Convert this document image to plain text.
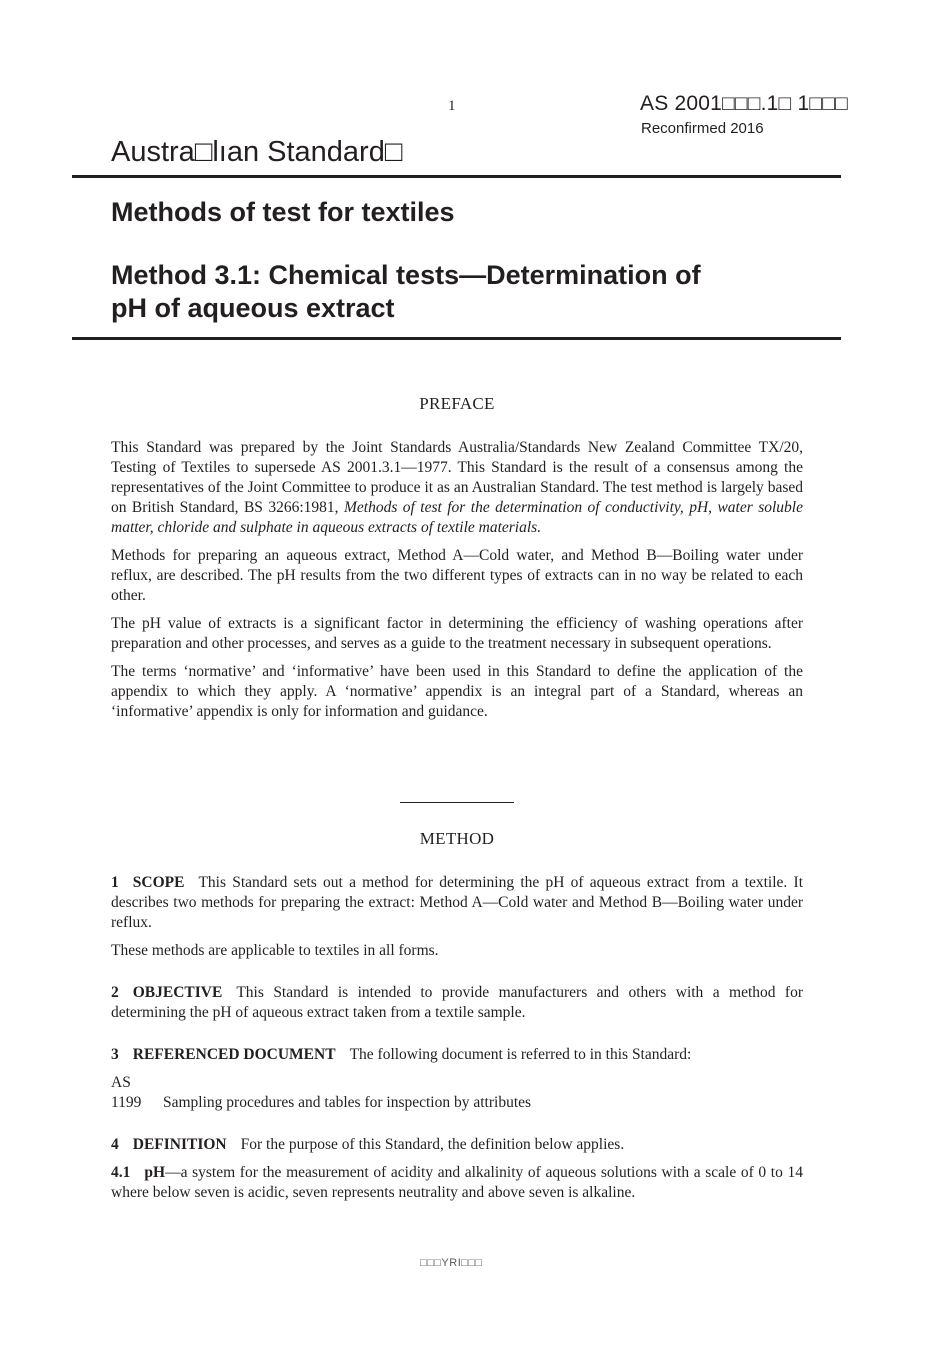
1	AS 2001□□□.1□ 1□□□
Reconfirmed 2016
Austra□lıan Standard□
Methods of test for textiles
Method 3.1: Chemical tests—Determination of
pH of aqueous extract
PREFACE

This Standard was prepared by the Joint Standards Australia/Standards New Zealand Committee TX/20, Testing of Textiles to supersede AS 2001.3.1—1977. This Standard is the result of a consensus among the representatives of the Joint Committee to produce it as an Australian Standard. The test method is largely based on British Standard, BS 3266:1981, Methods of test for the determination of conductivity, pH, water soluble matter, chloride and sulphate in aqueous extracts of textile materials.

Methods for preparing an aqueous extract, Method A—Cold water, and Method B—Boiling water under reflux, are described. The pH results from the two different types of extracts can in no way be related to each other.

The pH value of extracts is a significant factor in determining the efficiency of washing operations after preparation and other processes, and serves as a guide to the treatment necessary in subsequent operations.

The terms ‘normative’ and ‘informative’ have been used in this Standard to define the application of the appendix to which they apply. A ‘normative’ appendix is an integral part of a Standard, whereas an ‘informative’ appendix is only for information and guidance.

METHOD

1 SCOPE This Standard sets out a method for determining the pH of aqueous extract from a textile. It describes two methods for preparing the extract: Method A—Cold water and Method B—Boiling water under reflux.

These methods are applicable to textiles in all forms.

2 OBJECTIVE This Standard is intended to provide manufacturers and others with a method for determining the pH of aqueous extract taken from a textile sample.

3 REFERENCED DOCUMENT The following document is referred to in this Standard:

AS
1199	Sampling procedures and tables for inspection by attributes

4 DEFINITION For the purpose of this Standard, the definition below applies.

4.1 pH—a system for the measurement of acidity and alkalinity of aqueous solutions with a scale of 0 to 14 where below seven is acidic, seven represents neutrality and above seven is alkaline.

□□□YRI□□□
